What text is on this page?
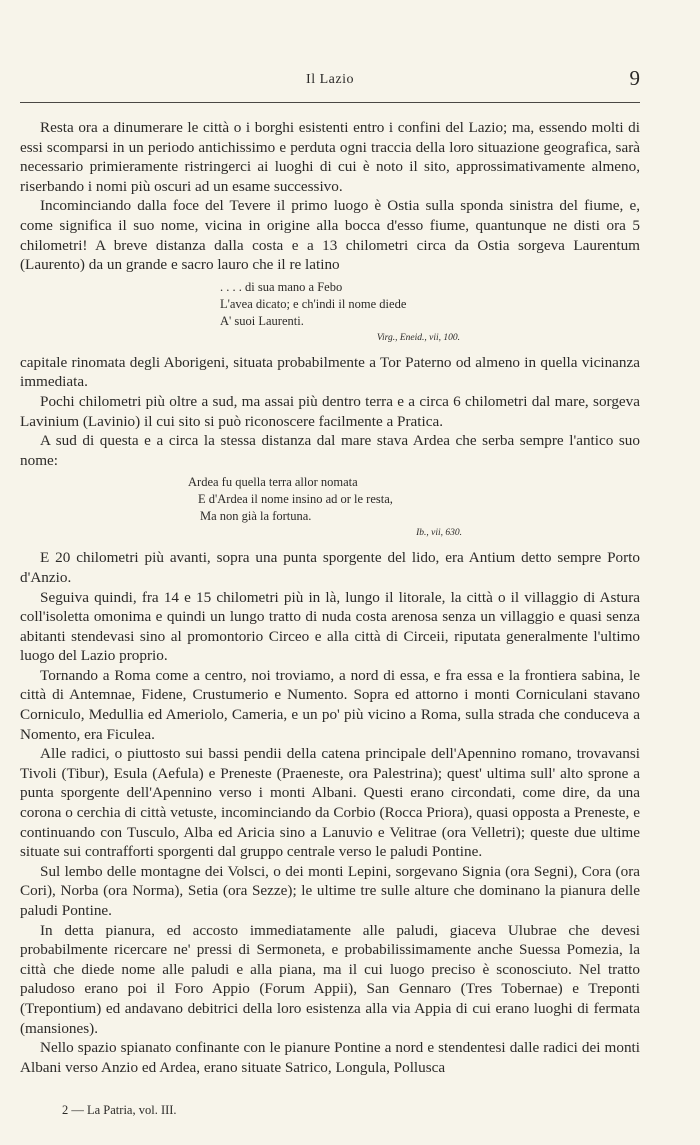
Il Lazio	9

Resta ora a dinumerare le città o i borghi esistenti entro i confini del Lazio; ma, essendo molti di essi scomparsi in un periodo antichissimo e perduta ogni traccia della loro situazione geografica, sarà necessario primieramente ristringerci ai luoghi di cui è noto il sito, approssimativamente almeno, riserbando i nomi più oscuri ad un esame successivo.

Incominciando dalla foce del Tevere il primo luogo è Ostia sulla sponda sinistra del fiume, e, come significa il suo nome, vicina in origine alla bocca d'esso fiume, quantunque ne disti ora 5 chilometri! A breve distanza dalla costa e a 13 chilometri circa da Ostia sorgeva Laurentum (Laurento) da un grande e sacro lauro che il re latino

. . . . di sua mano a Febo
L'avea dicato; e ch'indi il nome diede
A' suoi Laurenti.
Virg., Eneid., vii, 100.

capitale rinomata degli Aborigeni, situata probabilmente a Tor Paterno od almeno in quella vicinanza immediata.

Pochi chilometri più oltre a sud, ma assai più dentro terra e a circa 6 chilometri dal mare, sorgeva Lavinium (Lavinio) il cui sito si può riconoscere facilmente a Pratica.

A sud di questa e a circa la stessa distanza dal mare stava Ardea che serba sempre l'antico suo nome:

Ardea fu quella terra allor nomata
E d'Ardea il nome insino ad or le resta,
Ma non già la fortuna.
Ib., vii, 630.

E 20 chilometri più avanti, sopra una punta sporgente del lido, era Antium detto sempre Porto d'Anzio.

Seguiva quindi, fra 14 e 15 chilometri più in là, lungo il litorale, la città o il villaggio di Astura coll'isoletta omonima e quindi un lungo tratto di nuda costa arenosa senza un villaggio e quasi senza abitanti stendevasi sino al promontorio Circeo e alla città di Circeii, riputata generalmente l'ultimo luogo del Lazio proprio.

Tornando a Roma come a centro, noi troviamo, a nord di essa, e fra essa e la frontiera sabina, le città di Antemnae, Fidene, Crustumerio e Numento. Sopra ed attorno i monti Corniculani stavano Corniculo, Medullia ed Ameriolo, Cameria, e un po' più vicino a Roma, sulla strada che conduceva a Nomento, era Ficulea.

Alle radici, o piuttosto sui bassi pendii della catena principale dell'Apennino romano, trovavansi Tivoli (Tibur), Esula (Aefula) e Preneste (Praeneste, ora Palestrina); quest' ultima sull' alto sprone a punta sporgente dell'Apennino verso i monti Albani. Questi erano circondati, come dire, da una corona o cerchia di città vetuste, incominciando da Corbio (Rocca Priora), quasi opposta a Preneste, e continuando con Tusculo, Alba ed Aricia sino a Lanuvio e Velitrae (ora Velletri); queste due ultime situate sui contrafforti sporgenti dal gruppo centrale verso le paludi Pontine.

Sul lembo delle montagne dei Volsci, o dei monti Lepini, sorgevano Signia (ora Segni), Cora (ora Cori), Norba (ora Norma), Setia (ora Sezze); le ultime tre sulle alture che dominano la pianura delle paludi Pontine.

In detta pianura, ed accosto immediatamente alle paludi, giaceva Ulubrae che devesi probabilmente ricercare ne' pressi di Sermoneta, e probabilissimamente anche Suessa Pomezia, la città che diede nome alle paludi e alla piana, ma il cui luogo preciso è sconosciuto. Nel tratto paludoso erano poi il Foro Appio (Forum Appii), San Gennaro (Tres Tobernae) e Treponti (Trepontium) ed andavano debitrici della loro esistenza alla via Appia di cui erano luoghi di fermata (mansiones).

Nello spazio spianato confinante con le pianure Pontine a nord e stendentesi dalle radici dei monti Albani verso Anzio ed Ardea, erano situate Satrico, Longula, Pollusca

2 — La Patria, vol. III.
